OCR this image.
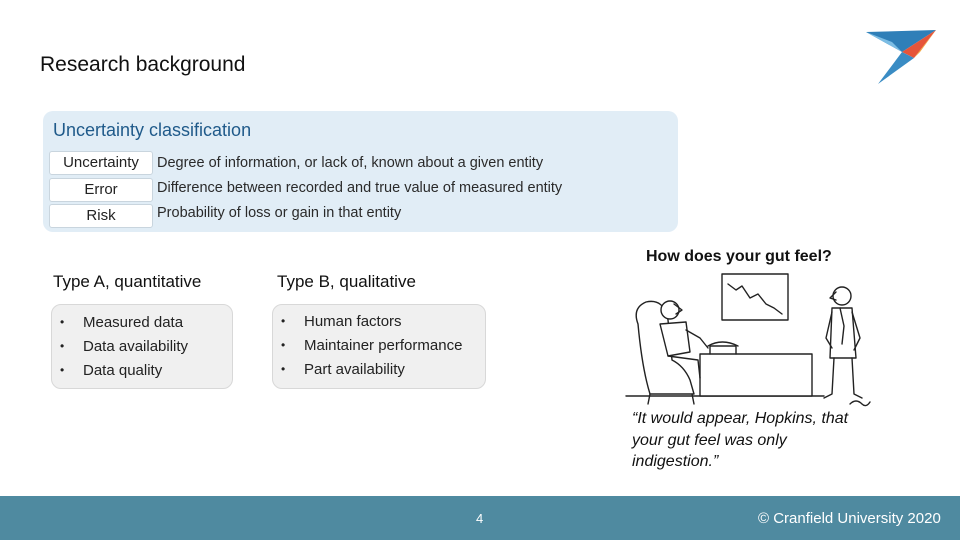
Research background
Uncertainty classification
Uncertainty	Degree of information, or lack of, known about a given entity
Error	Difference between recorded and true value of measured entity
Risk	Probability of loss or gain in that entity
Type A, quantitative
• Measured data
• Data availability
• Data quality
Type B, qualitative
• Human factors
• Maintainer performance
• Part availability
How does your gut feel?
“It would appear, Hopkins, that your gut feel was only indigestion.”
4	© Cranfield University 2020
